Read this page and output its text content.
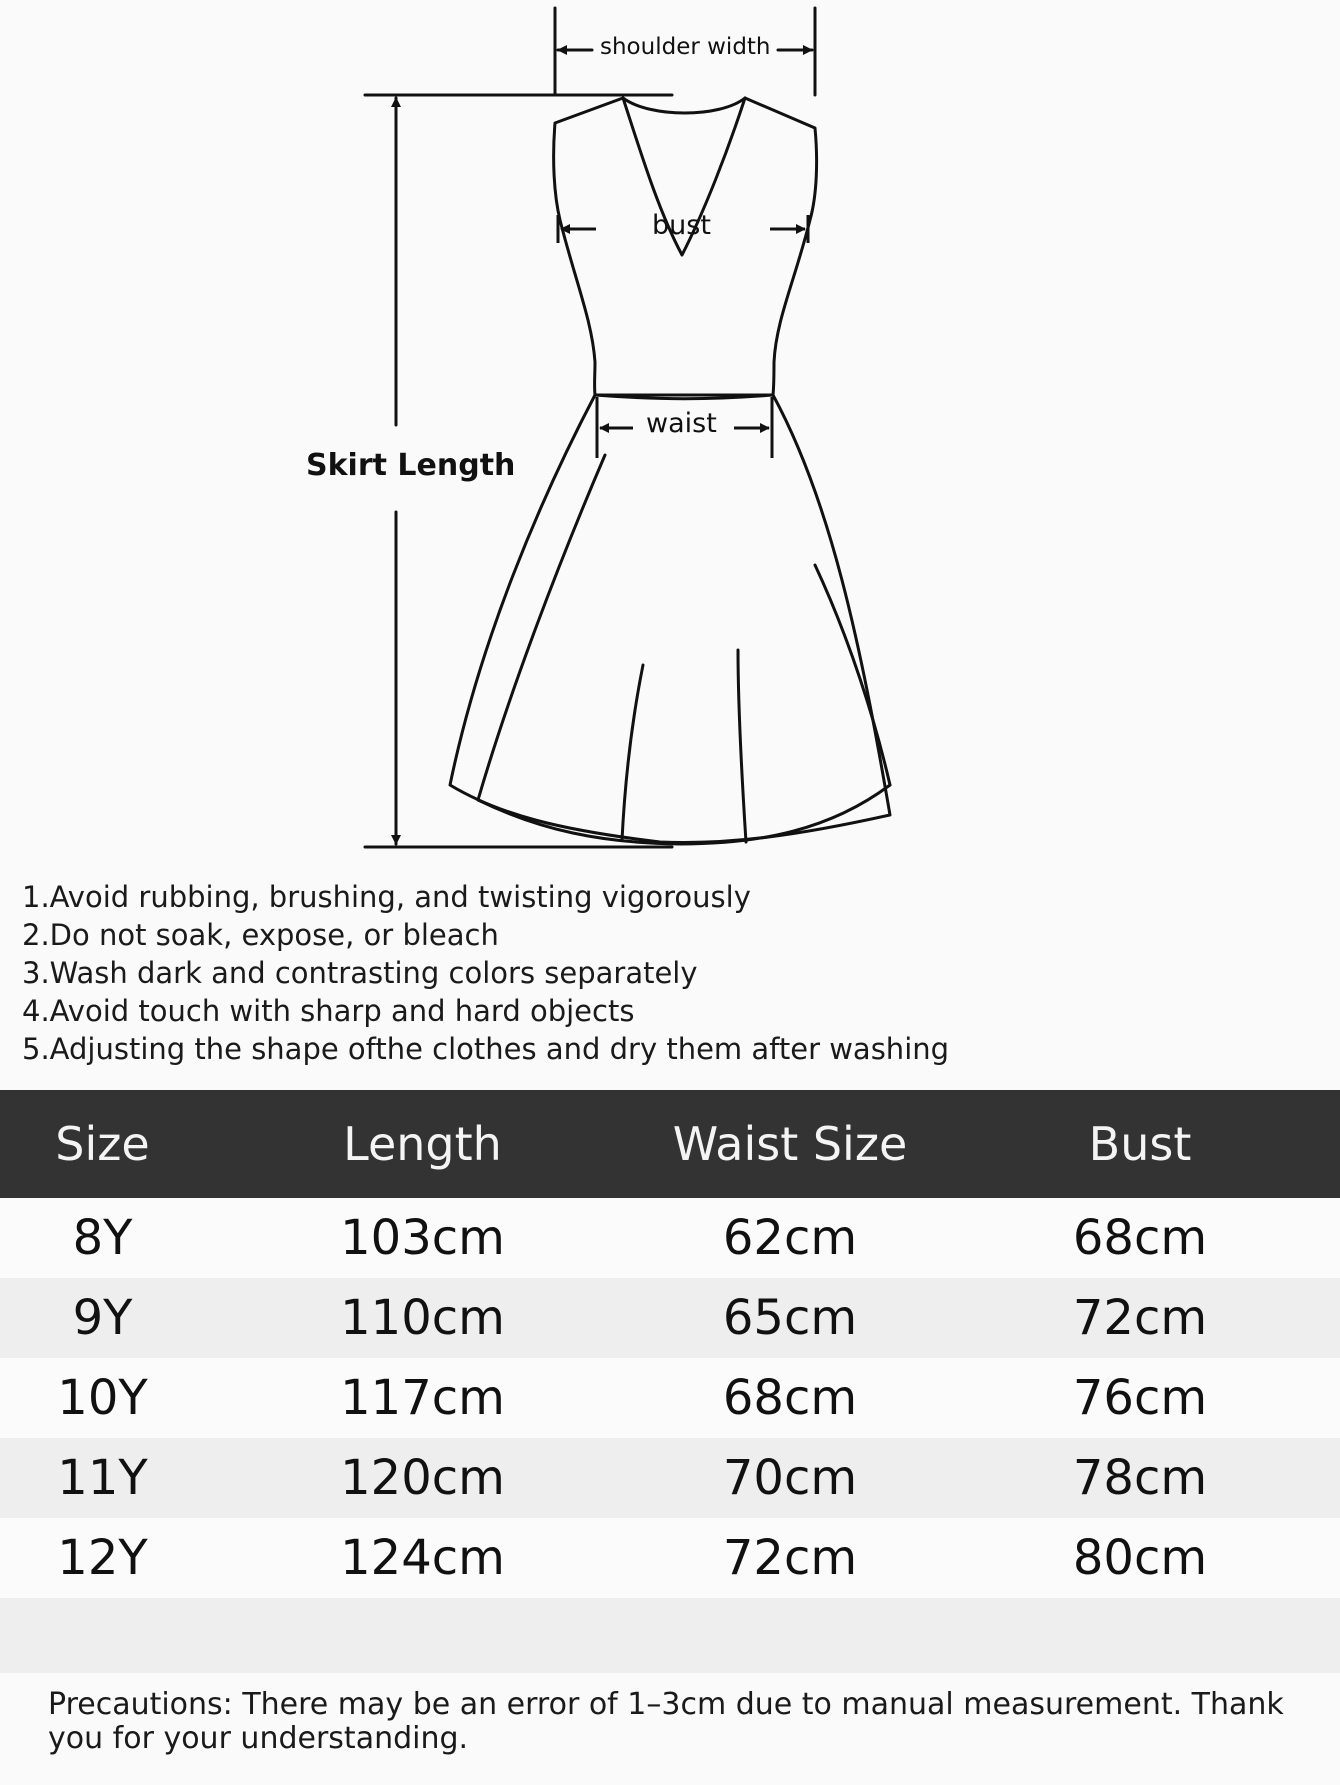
shoulder width
bust
waist
Skirt Length
1.Avoid rubbing, brushing, and twisting vigorously
2.Do not soak, expose, or bleach
3.Wash dark and contrasting colors separately
4.Avoid touch with sharp and hard objects
5.Adjusting the shape ofthe clothes and dry them after washing
Size	Length	Waist Size	Bust
8Y	103cm	62cm	68cm
9Y	110cm	65cm	72cm
10Y	117cm	68cm	76cm
11Y	120cm	70cm	78cm
12Y	124cm	72cm	80cm

Precautions: There may be an error of 1–3cm due to manual measurement. Thank you for your understanding.
